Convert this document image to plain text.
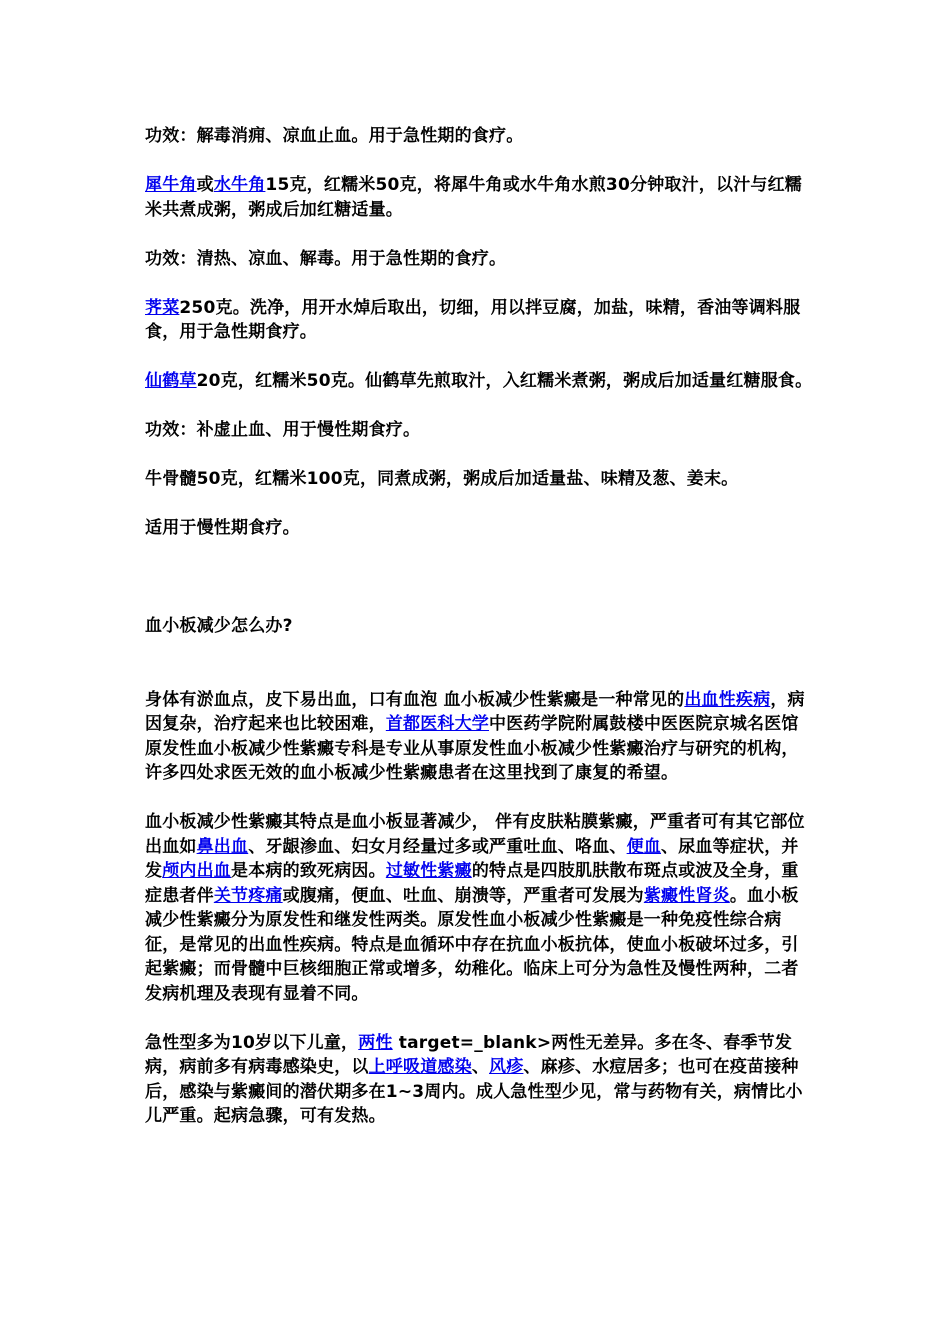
功效：解毒消痈、凉血止血。用于急性期的食疗。

犀牛角或水牛角15克，红糯米50克，将犀牛角或水牛角水煎30分钟取汁，以汁与红糯米共煮成粥，粥成后加红糖适量。

功效：清热、凉血、解毒。用于急性期的食疗。

荠菜250克。洗净，用开水焯后取出，切细，用以拌豆腐，加盐，味精，香油等调料服食，用于急性期食疗。

仙鹤草20克，红糯米50克。仙鹤草先煎取汁，入红糯米煮粥，粥成后加适量红糖服食。

功效：补虚止血、用于慢性期食疗。

牛骨髓50克，红糯米100克，同煮成粥，粥成后加适量盐、味精及葱、姜末。

适用于慢性期食疗。

血小板减少怎么办?

身体有淤血点，皮下易出血，口有血泡 血小板减少性紫癜是一种常见的出血性疾病，病因复杂，治疗起来也比较困难，首都医科大学中医药学院附属鼓楼中医医院京城名医馆原发性血小板减少性紫癜专科是专业从事原发性血小板减少性紫癜治疗与研究的机构，许多四处求医无效的血小板减少性紫癜患者在这里找到了康复的希望。

血小板减少性紫癜其特点是血小板显著减少， 伴有皮肤粘膜紫癜，严重者可有其它部位出血如鼻出血、牙龈渗血、妇女月经量过多或严重吐血、咯血、便血、尿血等症状，并发颅内出血是本病的致死病因。过敏性紫癜的特点是四肢肌肤散布斑点或波及全身，重症患者伴关节疼痛或腹痛，便血、吐血、崩溃等，严重者可发展为紫癜性肾炎。血小板减少性紫癜分为原发性和继发性两类。原发性血小板减少性紫癜是一种免疫性综合病征，是常见的出血性疾病。特点是血循环中存在抗血小板抗体，使血小板破坏过多，引起紫癜；而骨髓中巨核细胞正常或增多，幼稚化。临床上可分为急性及慢性两种，二者发病机理及表现有显着不同。

急性型多为10岁以下儿童，两性 target=_blank>两性无差异。多在冬、春季节发病，病前多有病毒感染史，以上呼吸道感染、风疹、麻疹、水痘居多；也可在疫苗接种后，感染与紫癜间的潜伏期多在1~3周内。成人急性型少见，常与药物有关，病情比小儿严重。起病急骤，可有发热。
